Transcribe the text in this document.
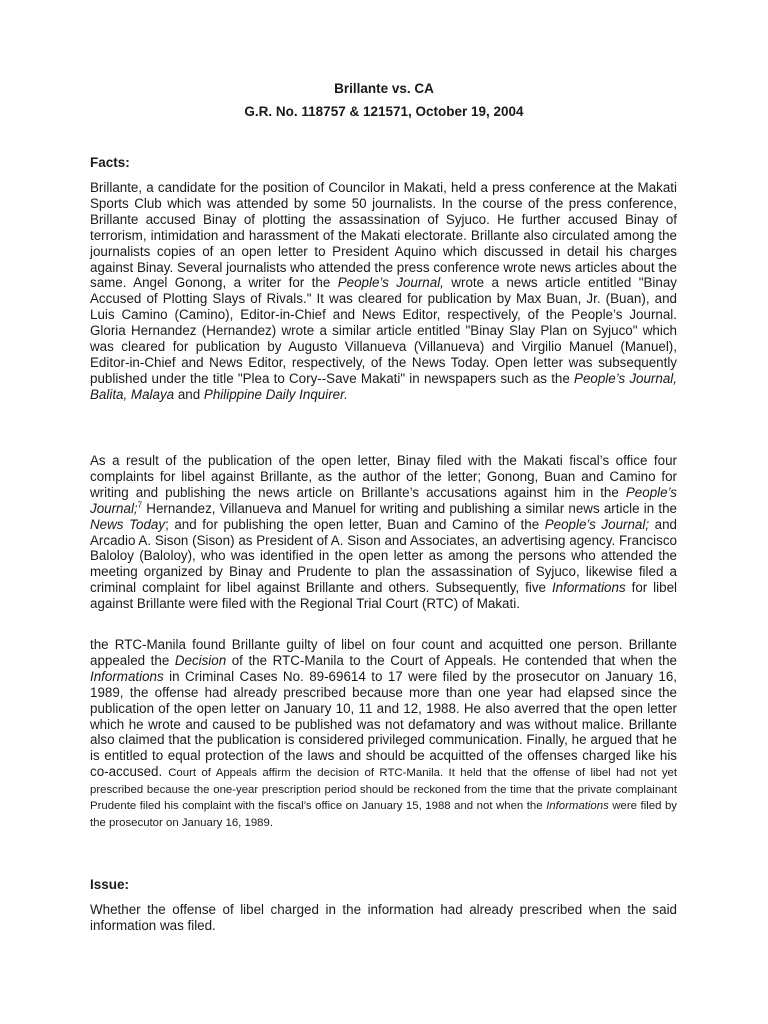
Brillante vs. CA

G.R. No. 118757 & 121571, October 19, 2004

Facts:

Brillante, a candidate for the position of Councilor in Makati, held a press conference at the Makati Sports Club which was attended by some 50 journalists. In the course of the press conference, Brillante accused Binay of plotting the assassination of Syjuco. He further accused Binay of terrorism, intimidation and harassment of the Makati electorate. Brillante also circulated among the journalists copies of an open letter to President Aquino which discussed in detail his charges against Binay. Several journalists who attended the press conference wrote news articles about the same. Angel Gonong, a writer for the People’s Journal, wrote a news article entitled "Binay Accused of Plotting Slays of Rivals." It was cleared for publication by Max Buan, Jr. (Buan), and Luis Camino (Camino), Editor-in-Chief and News Editor, respectively, of the People’s Journal. Gloria Hernandez (Hernandez) wrote a similar article entitled "Binay Slay Plan on Syjuco" which was cleared for publication by Augusto Villanueva (Villanueva) and Virgilio Manuel (Manuel), Editor-in-Chief and News Editor, respectively, of the News Today. Open letter was subsequently published under the title "Plea to Cory--Save Makati" in newspapers such as the People’s Journal, Balita, Malaya and Philippine Daily Inquirer.

As a result of the publication of the open letter, Binay filed with the Makati fiscal’s office four complaints for libel against Brillante, as the author of the letter; Gonong, Buan and Camino for writing and publishing the news article on Brillante’s accusations against him in the People’s Journal;$^7$ Hernandez, Villanueva and Manuel for writing and publishing a similar news article in the News Today; and for publishing the open letter, Buan and Camino of the People’s Journal; and Arcadio A. Sison (Sison) as President of A. Sison and Associates, an advertising agency. Francisco Baloloy (Baloloy), who was identified in the open letter as among the persons who attended the meeting organized by Binay and Prudente to plan the assassination of Syjuco, likewise filed a criminal complaint for libel against Brillante and others. Subsequently, five Informations for libel against Brillante were filed with the Regional Trial Court (RTC) of Makati.

the RTC-Manila found Brillante guilty of libel on four count and acquitted one person. Brillante appealed the Decision of the RTC-Manila to the Court of Appeals. He contended that when the Informations in Criminal Cases No. 89-69614 to 17 were filed by the prosecutor on January 16, 1989, the offense had already prescribed because more than one year had elapsed since the publication of the open letter on January 10, 11 and 12, 1988. He also averred that the open letter which he wrote and caused to be published was not defamatory and was without malice. Brillante also claimed that the publication is considered privileged communication. Finally, he argued that he is entitled to equal protection of the laws and should be acquitted of the offenses charged like his co-accused. Court of Appeals affirm the decision of RTC-Manila. It held that the offense of libel had not yet prescribed because the one-year prescription period should be reckoned from the time that the private complainant Prudente filed his complaint with the fiscal’s office on January 15, 1988 and not when the Informations were filed by the prosecutor on January 16, 1989.

Issue:

Whether the offense of libel charged in the information had already prescribed when the said information was filed.
